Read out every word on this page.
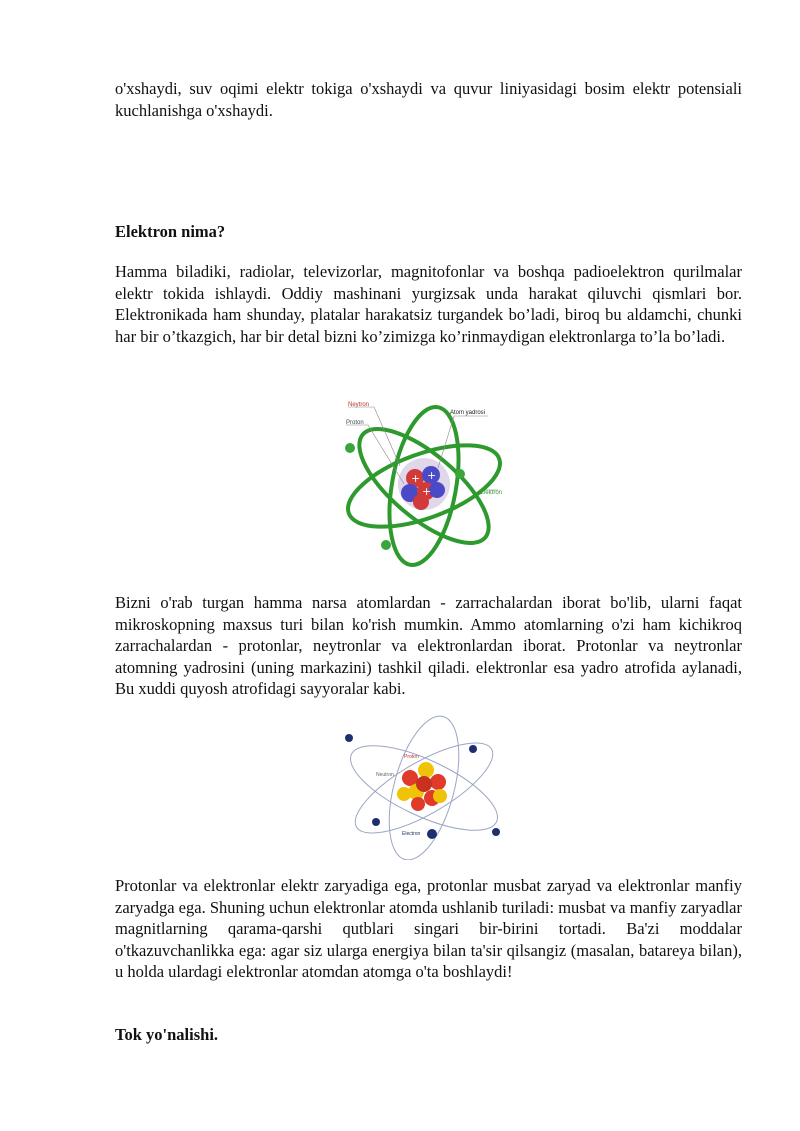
o'xshaydi, suv oqimi elektr tokiga o'xshaydi va quvur liniyasidagi bosim elektr potensiali kuchlanishga o'xshaydi.

Elektron nima?

Hamma biladiki, radiolar, televizorlar, magnitofonlar va boshqa padioelektron qurilmalar elektr tokida ishlaydi. Oddiy mashinani yurgizsak unda harakat qiluvchi qismlari bor. Elektronikada ham shunday, platalar harakatsiz turgandek bo’ladi, biroq bu aldamchi, chunki har bir o’tkazgich, har bir detal bizni ko’zimizga ko’rinmaydigan elektronlarga to’la bo’ladi.

Bizni o'rab turgan hamma narsa atomlardan - zarrachalardan iborat bo'lib, ularni faqat mikroskopning maxsus turi bilan ko'rish mumkin. Ammo atomlarning o'zi ham kichikroq zarrachalardan - protonlar, neytronlar va elektronlardan iborat. Protonlar va neytronlar atomning yadrosini (uning markazini) tashkil qiladi. elektronlar esa yadro atrofida aylanadi, Bu xuddi quyosh atrofidagi sayyoralar kabi.

Protonlar va elektronlar elektr zaryadiga ega, protonlar musbat zaryad va elektronlar manfiy zaryadga ega. Shuning uchun elektronlar atomda ushlanib turiladi: musbat va manfiy zaryadlar magnitlarning qarama-qarshi qutblari singari bir-birini tortadi. Ba'zi moddalar o'tkazuvchanlikka ega: agar siz ularga energiya bilan ta'sir qilsangiz (masalan, batareya bilan), u holda ulardagi elektronlar atomdan atomga o'ta boshlaydi!

Tok yo'nalishi.

+ +
+
Neytron
Proton
Atom yadrosi
Elektron
Proton
Neutron
Electron
